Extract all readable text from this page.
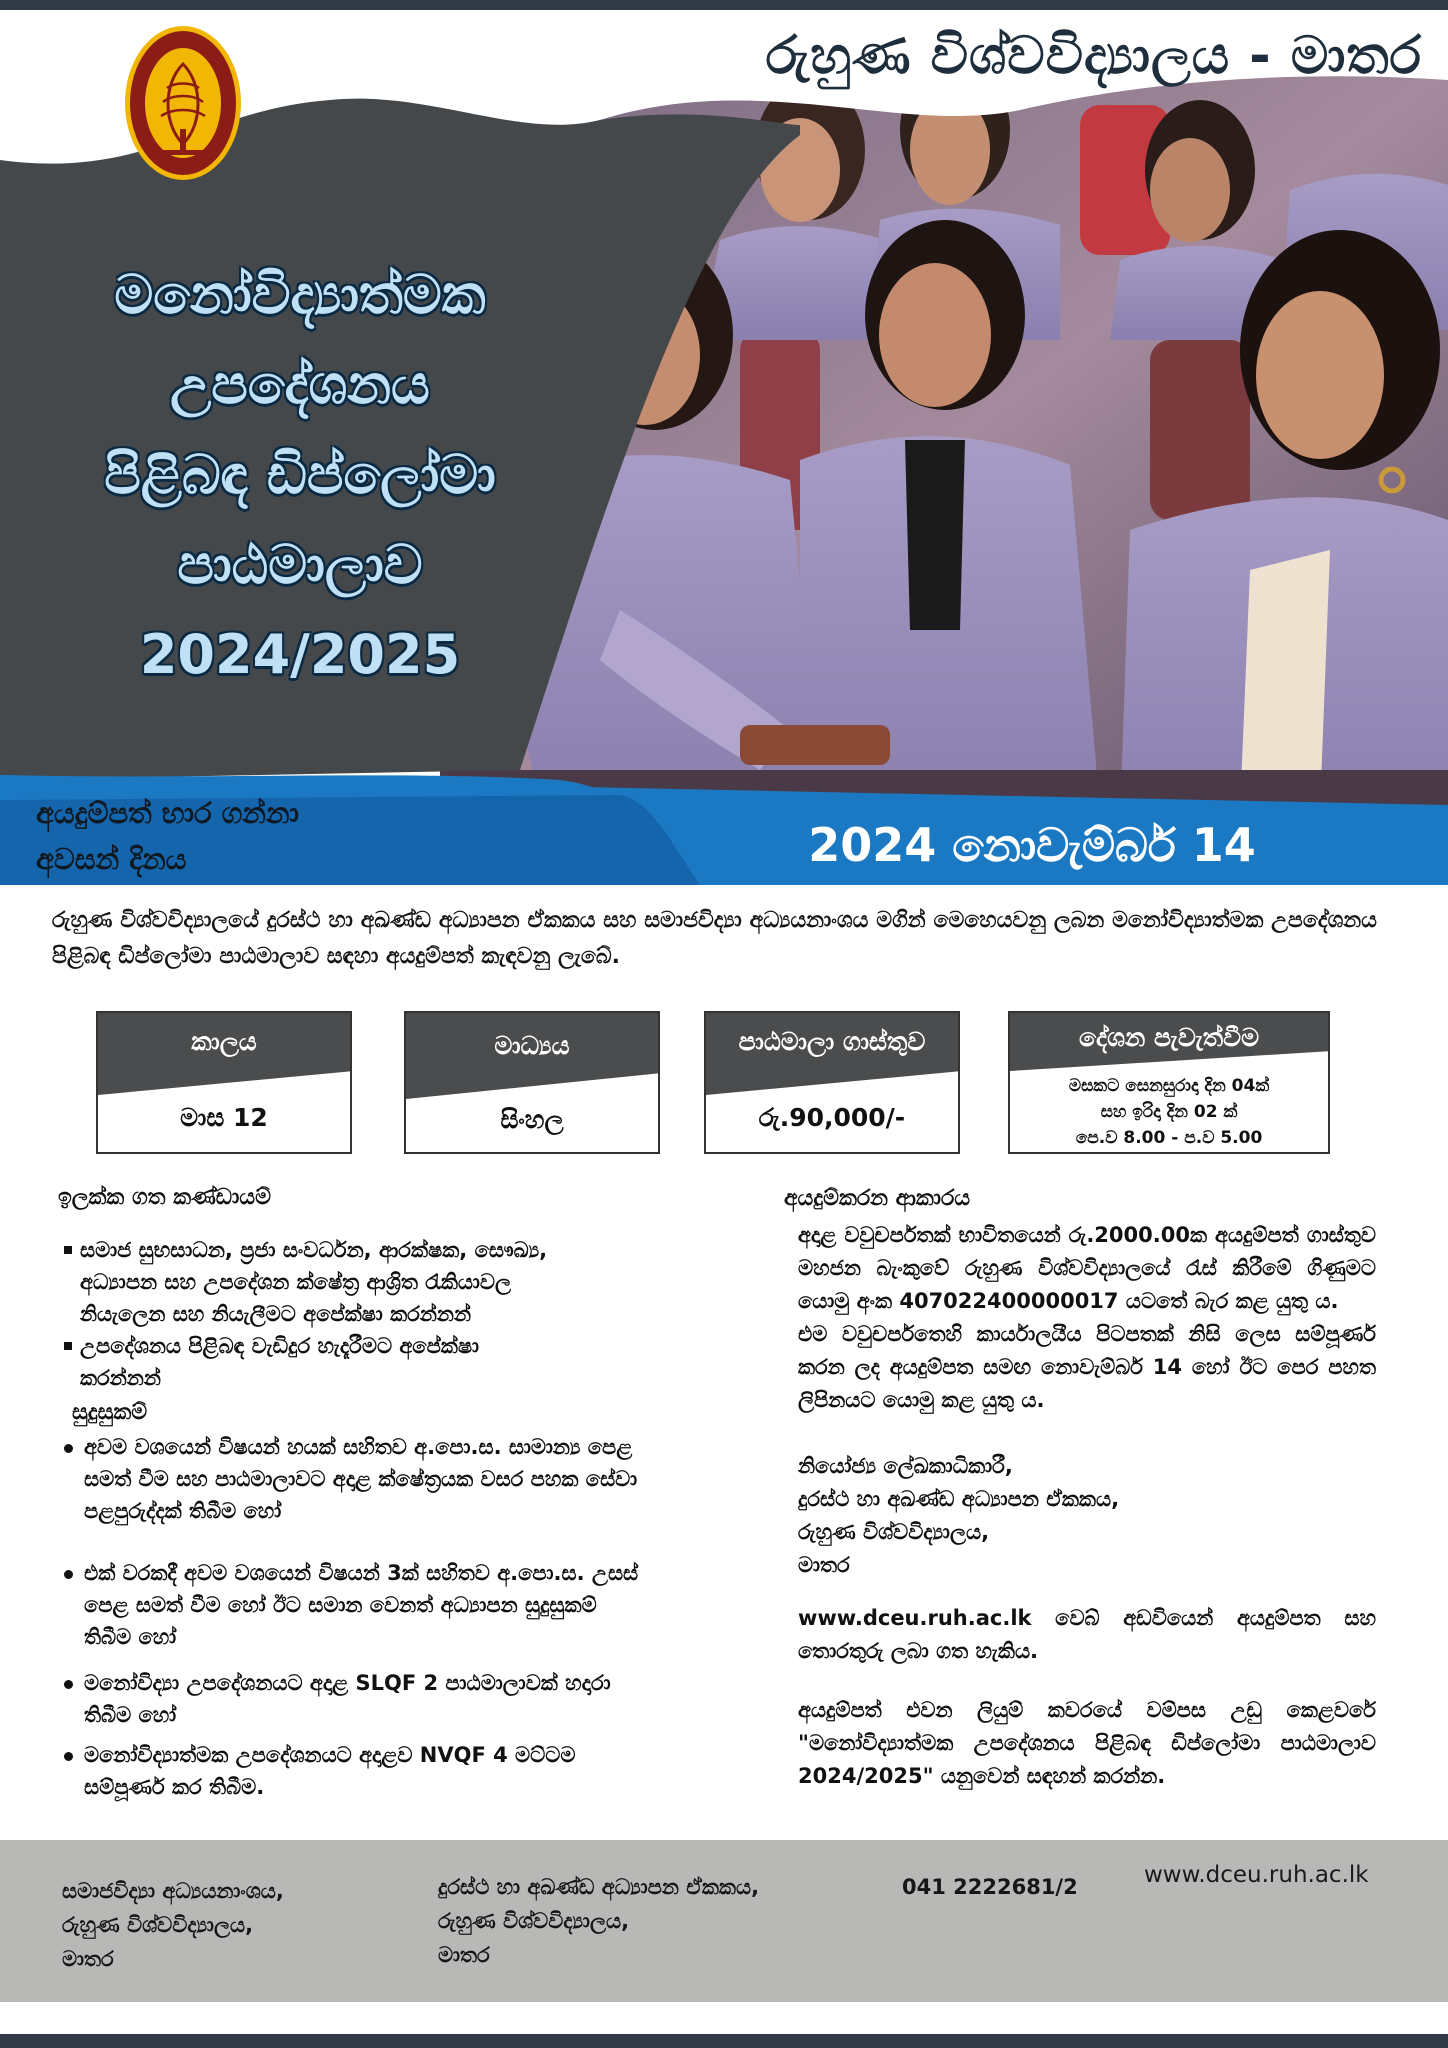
රුහුණ විශ්වවිද්‍යාලය - මාතර
මනෝවිද්‍යාත්මක
උපදේශනය
පිළිබඳ ඩිප්ලෝමා
පාඨමාලාව
2024/2025
අයදුම්පත් භාර ගන්නා
අවසන් දිනය	2024 නොවැම්බර් 14
රුහුණ විශ්වවිද්‍යාලයේ දුරස්ථ හා අඛණ්ඩ අධ්‍යාපන ඒකකය සහ සමාජවිද්‍යා අධ්‍යයනාංශය මගින් මෙහෙයවනු ලබන මනෝවිද්‍යාත්මක උපදේශනය පිළිබඳ ඩිප්ලෝමා පාඨමාලාව සඳහා අයදුම්පත් කැඳවනු ලැබේ.
කාලය
මාස 12
මාධ්‍යය
සිංහල
පාඨමාලා ගාස්තුව
රු.90,000/-
දේශන පැවැත්වීම
මසකට සෙනසුරාදා දින 04ක්
සහ ඉරිදා දින 02 ක්
පෙ.ව 8.00 - ප.ව 5.00
ඉලක්ක ගත කණ්ඩායම්
සමාජ සුභසාධන, ප්‍රජා සංවර්ධන, ආරක්ෂක, සෞඛ්‍ය,
අධ්‍යාපන සහ උපදේශන ක්ෂේත්‍ර ආශ්‍රිත රැකියාවල
නියැලෙන සහ නියැලීමට අපේක්ෂා කරන්නන්
උපදේශනය පිළිබඳ වැඩිදුර හැදෑරීමට අපේක්ෂා
කරන්නන්
සුදුසුකම්
අවම වශයෙන් විෂයන් හයක් සහිතව අ.පො.ස. සාමාන්‍ය පෙළ
සමත් වීම සහ පාඨමාලාවට අදාළ ක්ෂේත්‍රයක වසර පහක සේවා
පළපුරුද්දක් තිබීම හෝ
එක් වරකදී අවම වශයෙන් විෂයන් 3ක් සහිතව අ.පො.ස. උසස්
පෙළ සමත් වීම හෝ ඊට සමාන වෙනත් අධ්‍යාපන සුදුසුකම්
තිබීම හෝ
මනෝවිද්‍යා උපදේශනයට අදාළ SLQF 2 පාඨමාලාවක් හදාරා
තිබීම හෝ
මනෝවිද්‍යාත්මක උපදේශනයට අදාළව NVQF 4 මට්ටම
සම්පූර්ණ කර තිබීම.
අයදුම්කරන ආකාරය
අදාළ වවුචර්පතක් භාවිතයෙන් රු.2000.00ක අයදුම්පත් ගාස්තුව මහජන බැංකුවේ රුහුණ විශ්වවිද්‍යාලයේ රැස් කිරීමේ ගිණුමට යොමු අංක 407022400000017 යටතේ බැර කළ යුතු ය.
එම වවුචර්පතෙහි කාර්යාලයීය පිටපතක් නිසි ලෙස සම්පූර්ණ කරන ලද අයදුම්පත සමඟ නොවැම්බර් 14 හෝ ඊට පෙර පහත ලිපිනයට යොමු කළ යුතු ය.
නියෝජ්‍ය ලේඛකාධිකාරී,
දුරස්ථ හා අඛණ්ඩ අධ්‍යාපන ඒකකය,
රුහුණ විශ්වවිද්‍යාලය,
මාතර
www.dceu.ruh.ac.lk වෙබ් අඩවියෙන් අයදුම්පත සහ තොරතුරු ලබා ගත හැකිය.
අයදුම්පත් එවන ලියුම් කවරයේ වම්පස උඩු කෙළවරේ "මනෝවිද්‍යාත්මක උපදේශනය පිළිබඳ ඩිප්ලෝමා පාඨමාලාව 2024/2025" යනුවෙන් සඳහන් කරන්න.
සමාජවිද්‍යා අධ්‍යයනාංශය,
රුහුණ විශ්වවිද්‍යාලය,
මාතර
දුරස්ථ හා අඛණ්ඩ අධ්‍යාපන ඒකකය,
රුහුණ විශ්වවිද්‍යාලය,
මාතර
041 2222681/2	www.dceu.ruh.ac.lk
